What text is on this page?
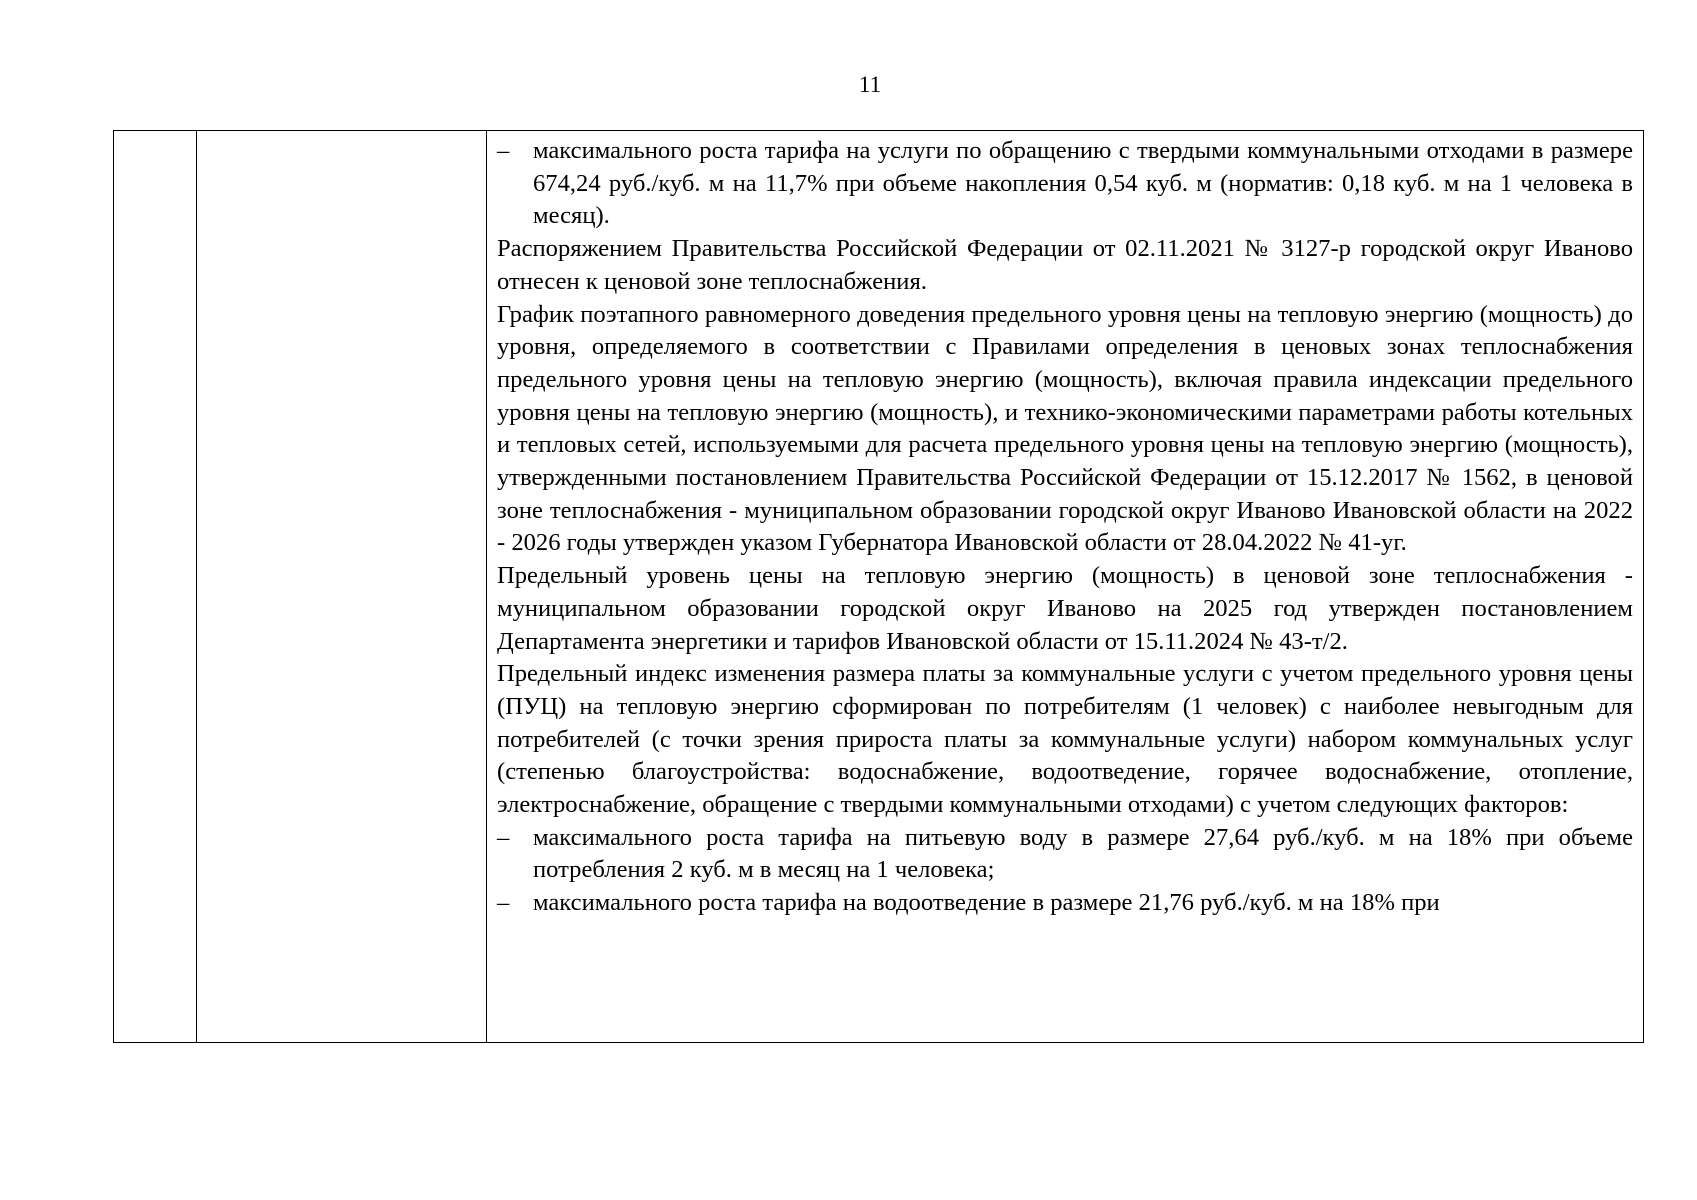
11

– максимального роста тарифа на услуги по обращению с твердыми коммунальными отходами в размере 674,24 руб./куб. м на 11,7% при объеме накопления 0,54 куб. м (норматив: 0,18 куб. м на 1 человека в месяц).

Распоряжением Правительства Российской Федерации от 02.11.2021 № 3127-р городской округ Иваново отнесен к ценовой зоне теплоснабжения.

График поэтапного равномерного доведения предельного уровня цены на тепловую энергию (мощность) до уровня, определяемого в соответствии с Правилами определения в ценовых зонах теплоснабжения предельного уровня цены на тепловую энергию (мощность), включая правила индексации предельного уровня цены на тепловую энергию (мощность), и технико-экономическими параметрами работы котельных и тепловых сетей, используемыми для расчета предельного уровня цены на тепловую энергию (мощность), утвержденными постановлением Правительства Российской Федерации от 15.12.2017 № 1562, в ценовой зоне теплоснабжения - муниципальном образовании городской округ Иваново Ивановской области на 2022 - 2026 годы утвержден указом Губернатора Ивановской области от 28.04.2022 № 41-уг.

Предельный уровень цены на тепловую энергию (мощность) в ценовой зоне теплоснабжения - муниципальном образовании городской округ Иваново на 2025 год утвержден постановлением Департамента энергетики и тарифов Ивановской области от 15.11.2024 № 43-т/2.

Предельный индекс изменения размера платы за коммунальные услуги с учетом предельного уровня цены (ПУЦ) на тепловую энергию сформирован по потребителям (1 человек) с наиболее невыгодным для потребителей (с точки зрения прироста платы за коммунальные услуги) набором коммунальных услуг (степенью благоустройства: водоснабжение, водоотведение, горячее водоснабжение, отопление, электроснабжение, обращение с твердыми коммунальными отходами) с учетом следующих факторов:

– максимального роста тарифа на питьевую воду в размере 27,64 руб./куб. м на 18% при объеме потребления 2 куб. м в месяц на 1 человека;

– максимального роста тарифа на водоотведение в размере 21,76 руб./куб. м на 18% при
